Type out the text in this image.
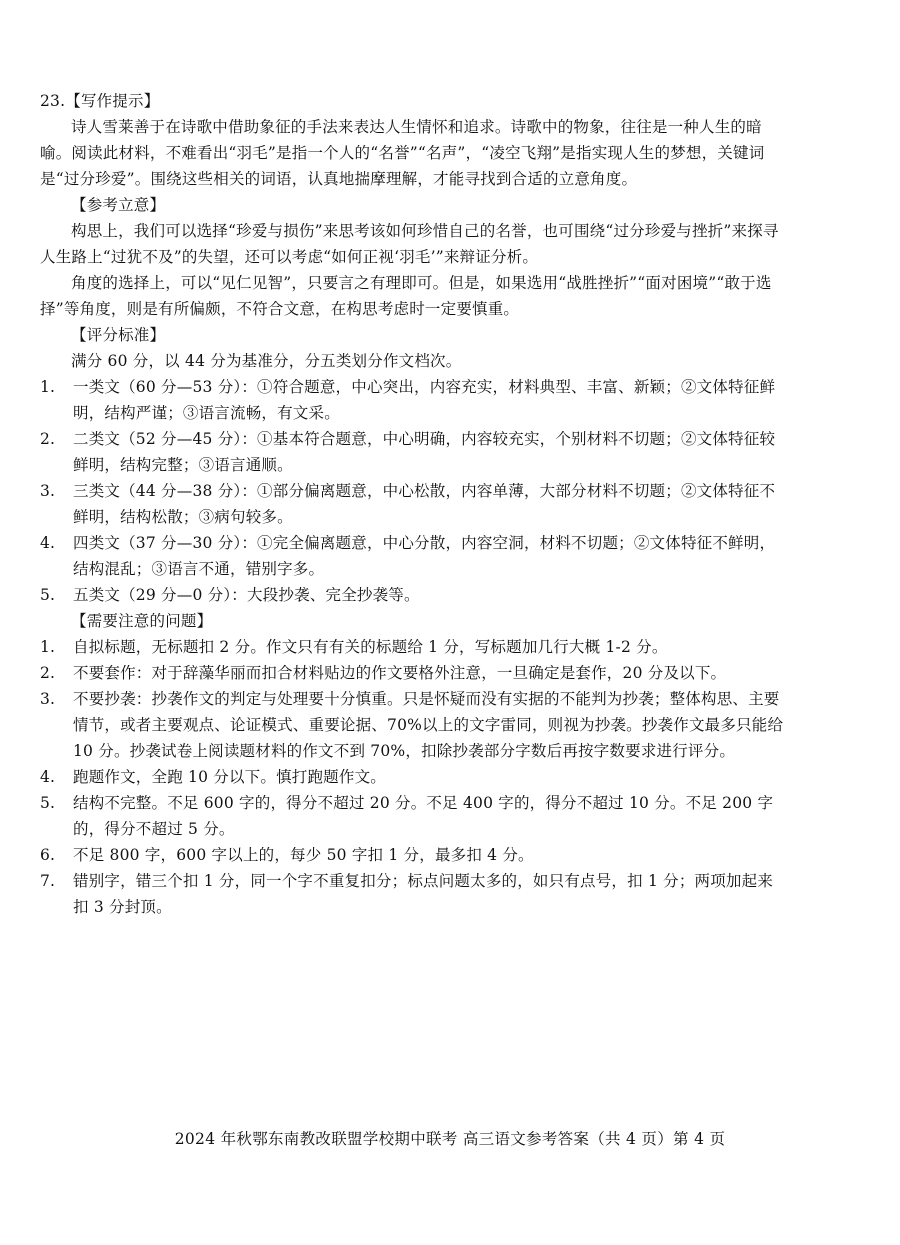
23.【写作提示】

诗人雪莱善于在诗歌中借助象征的手法来表达人生情怀和追求。诗歌中的物象，往往是一种人生的暗喻。阅读此材料，不难看出“羽毛”是指一个人的“名誉”“名声”，“凌空飞翔”是指实现人生的梦想，关键词是“过分珍爱”。围绕这些相关的词语，认真地揣摩理解，才能寻找到合适的立意角度。

【参考立意】

构思上，我们可以选择“珍爱与损伤”来思考该如何珍惜自己的名誉，也可围绕“过分珍爱与挫折”来探寻人生路上“过犹不及”的失望，还可以考虑“如何正视‘羽毛’”来辩证分析。

角度的选择上，可以“见仁见智”，只要言之有理即可。但是，如果选用“战胜挫折”“面对困境”“敢于选择”等角度，则是有所偏颇，不符合文意，在构思考虑时一定要慎重。

【评分标准】

满分 60 分，以 44 分为基准分，分五类划分作文档次。

1.	一类文（60 分—53 分）：①符合题意，中心突出，内容充实，材料典型、丰富、新颖；②文体特征鲜明，结构严谨；③语言流畅，有文采。
2.	二类文（52 分—45 分）：①基本符合题意，中心明确，内容较充实，个别材料不切题；②文体特征较鲜明，结构完整；③语言通顺。
3.	三类文（44 分—38 分）：①部分偏离题意，中心松散，内容单薄，大部分材料不切题；②文体特征不鲜明，结构松散；③病句较多。
4.	四类文（37 分—30 分）：①完全偏离题意，中心分散，内容空洞，材料不切题；②文体特征不鲜明，结构混乱；③语言不通，错别字多。
5.	五类文（29 分—0 分）：大段抄袭、完全抄袭等。

【需要注意的问题】

1.	自拟标题，无标题扣 2 分。作文只有有关的标题给 1 分，写标题加几行大概 1-2 分。
2.	不要套作：对于辞藻华丽而扣合材料贴边的作文要格外注意，一旦确定是套作，20 分及以下。
3.	不要抄袭：抄袭作文的判定与处理要十分慎重。只是怀疑而没有实据的不能判为抄袭；整体构思、主要情节，或者主要观点、论证模式、重要论据、70%以上的文字雷同，则视为抄袭。抄袭作文最多只能给 10 分。抄袭试卷上阅读题材料的作文不到 70%，扣除抄袭部分字数后再按字数要求进行评分。
4.	跑题作文，全跑 10 分以下。慎打跑题作文。
5.	结构不完整。不足 600 字的，得分不超过 20 分。不足 400 字的，得分不超过 10 分。不足 200 字的，得分不超过 5 分。
6.	不足 800 字，600 字以上的，每少 50 字扣 1 分，最多扣 4 分。
7.	错别字，错三个扣 1 分，同一个字不重复扣分；标点问题太多的，如只有点号，扣 1 分；两项加起来扣 3 分封顶。
2024 年秋鄂东南教改联盟学校期中联考 高三语文参考答案（共 4 页）第 4 页
